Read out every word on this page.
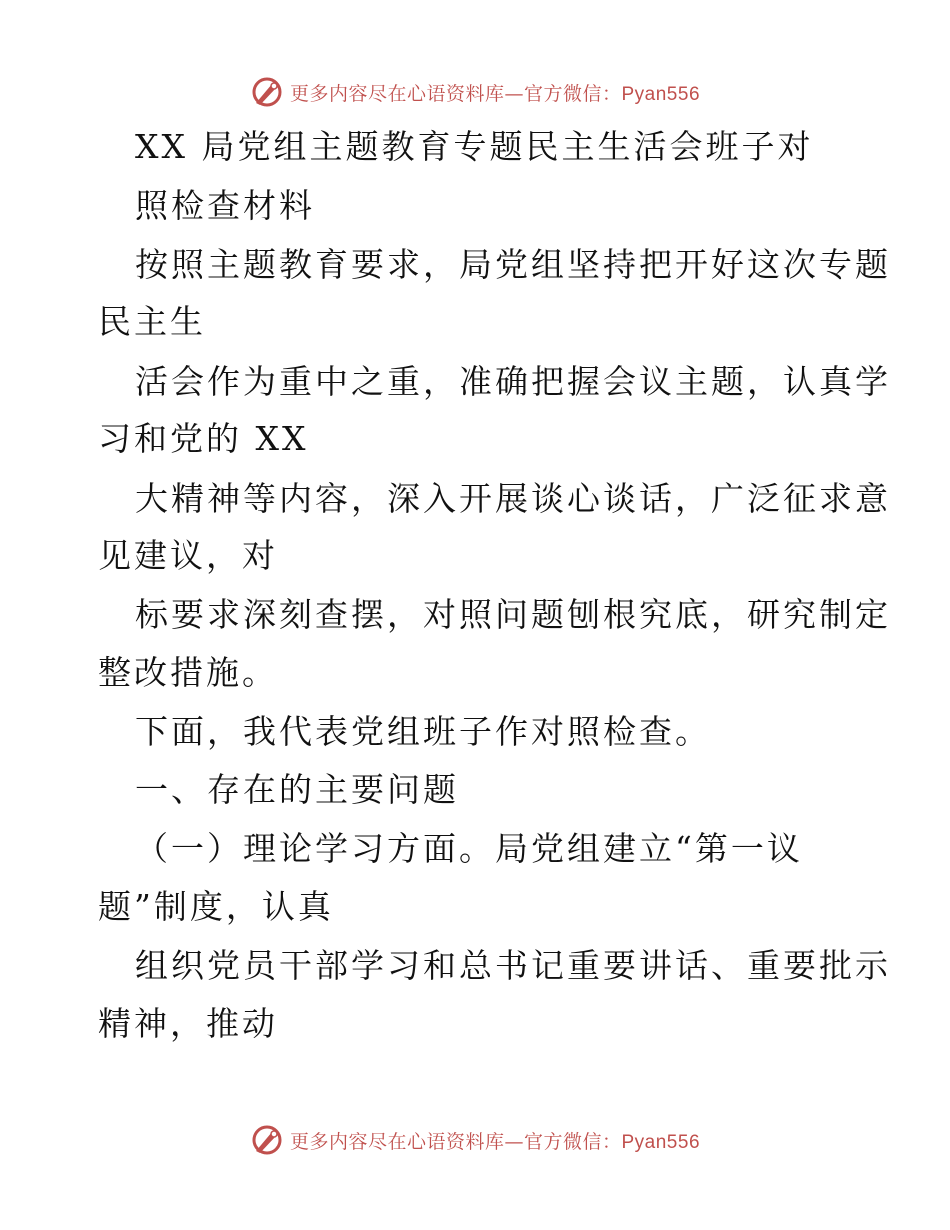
更多内容尽在心语资料库—官方微信：Pyan556
XX 局党组主题教育专题民主生活会班子对
照检查材料
按照主题教育要求，局党组坚持把开好这次专题
民主生
活会作为重中之重，准确把握会议主题，认真学
习和党的 XX
大精神等内容，深入开展谈心谈话，广泛征求意
见建议，对
标要求深刻查摆，对照问题刨根究底，研究制定
整改措施。
下面，我代表党组班子作对照检查。
一、存在的主要问题
（一）理论学习方面。局党组建立“第一议
题”制度，认真
组织党员干部学习和总书记重要讲话、重要批示
精神，推动
更多内容尽在心语资料库—官方微信：Pyan556
